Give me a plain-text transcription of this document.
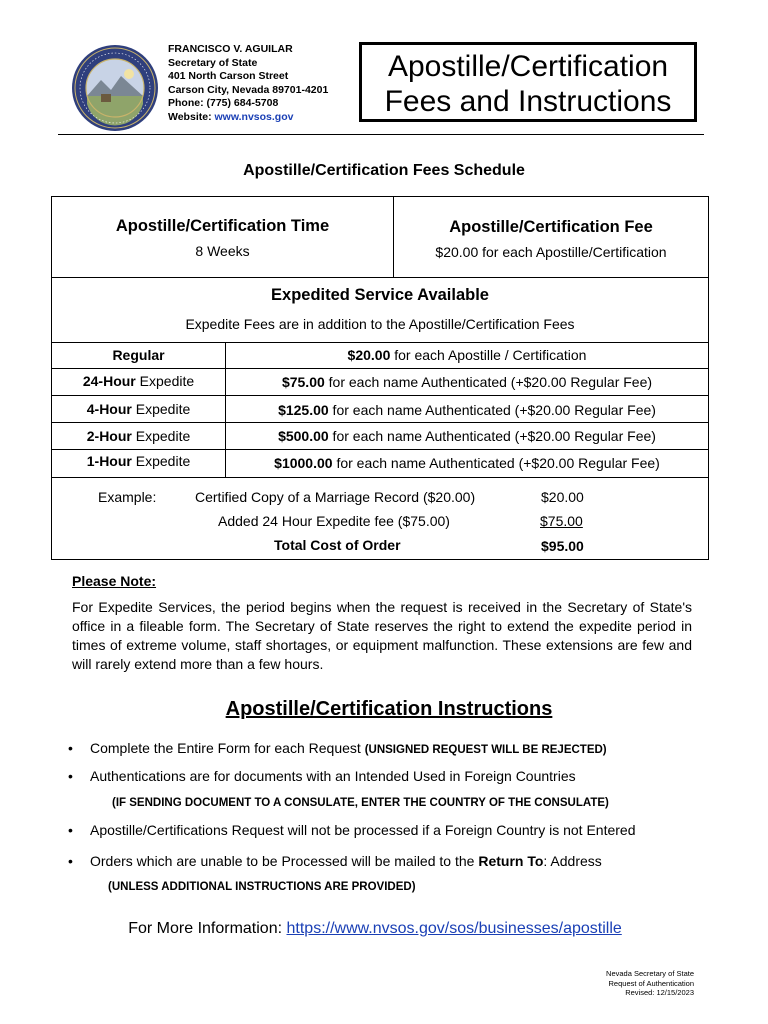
FRANCISCO V. AGUILAR
Secretary of State
401 North Carson Street
Carson City, Nevada 89701-4201
Phone: (775) 684-5708
Website: www.nvsos.gov
Apostille/Certification
Fees and Instructions
Apostille/Certification Fees Schedule
Apostille/Certification Time
8 Weeks
Apostille/Certification Fee
$20.00 for each Apostille/Certification
Expedited Service Available
Expedite Fees are in addition to the Apostille/Certification Fees
Regular	$20.00 for each Apostille / Certification
24-Hour Expedite	$75.00 for each name Authenticated (+$20.00 Regular Fee)
4-Hour Expedite	$125.00 for each name Authenticated (+$20.00 Regular Fee)
2-Hour Expedite	$500.00 for each name Authenticated (+$20.00 Regular Fee)
1-Hour Expedite	$1000.00 for each name Authenticated (+$20.00 Regular Fee)
Example:	Certified Copy of a Marriage Record ($20.00)	$20.00
Added 24 Hour Expedite fee ($75.00)	$75.00
Total Cost of Order	$95.00
Please Note:
For Expedite Services, the period begins when the request is received in the Secretary of State's office in a fileable form. The Secretary of State reserves the right to extend the expedite period in times of extreme volume, staff shortages, or equipment malfunction. These extensions are few and will rarely extend more than a few hours.
Apostille/Certification Instructions
• Complete the Entire Form for each Request (UNSIGNED REQUEST WILL BE REJECTED)
• Authentications are for documents with an Intended Used in Foreign Countries
(IF SENDING DOCUMENT TO A CONSULATE, ENTER THE COUNTRY OF THE CONSULATE)
• Apostille/Certifications Request will not be processed if a Foreign Country is not Entered
• Orders which are unable to be Processed will be mailed to the Return To: Address
(UNLESS ADDITIONAL INSTRUCTIONS ARE PROVIDED)
For More Information: https://www.nvsos.gov/sos/businesses/apostille
Nevada Secretary of State
Request of Authentication
Revised: 12/15/2023
